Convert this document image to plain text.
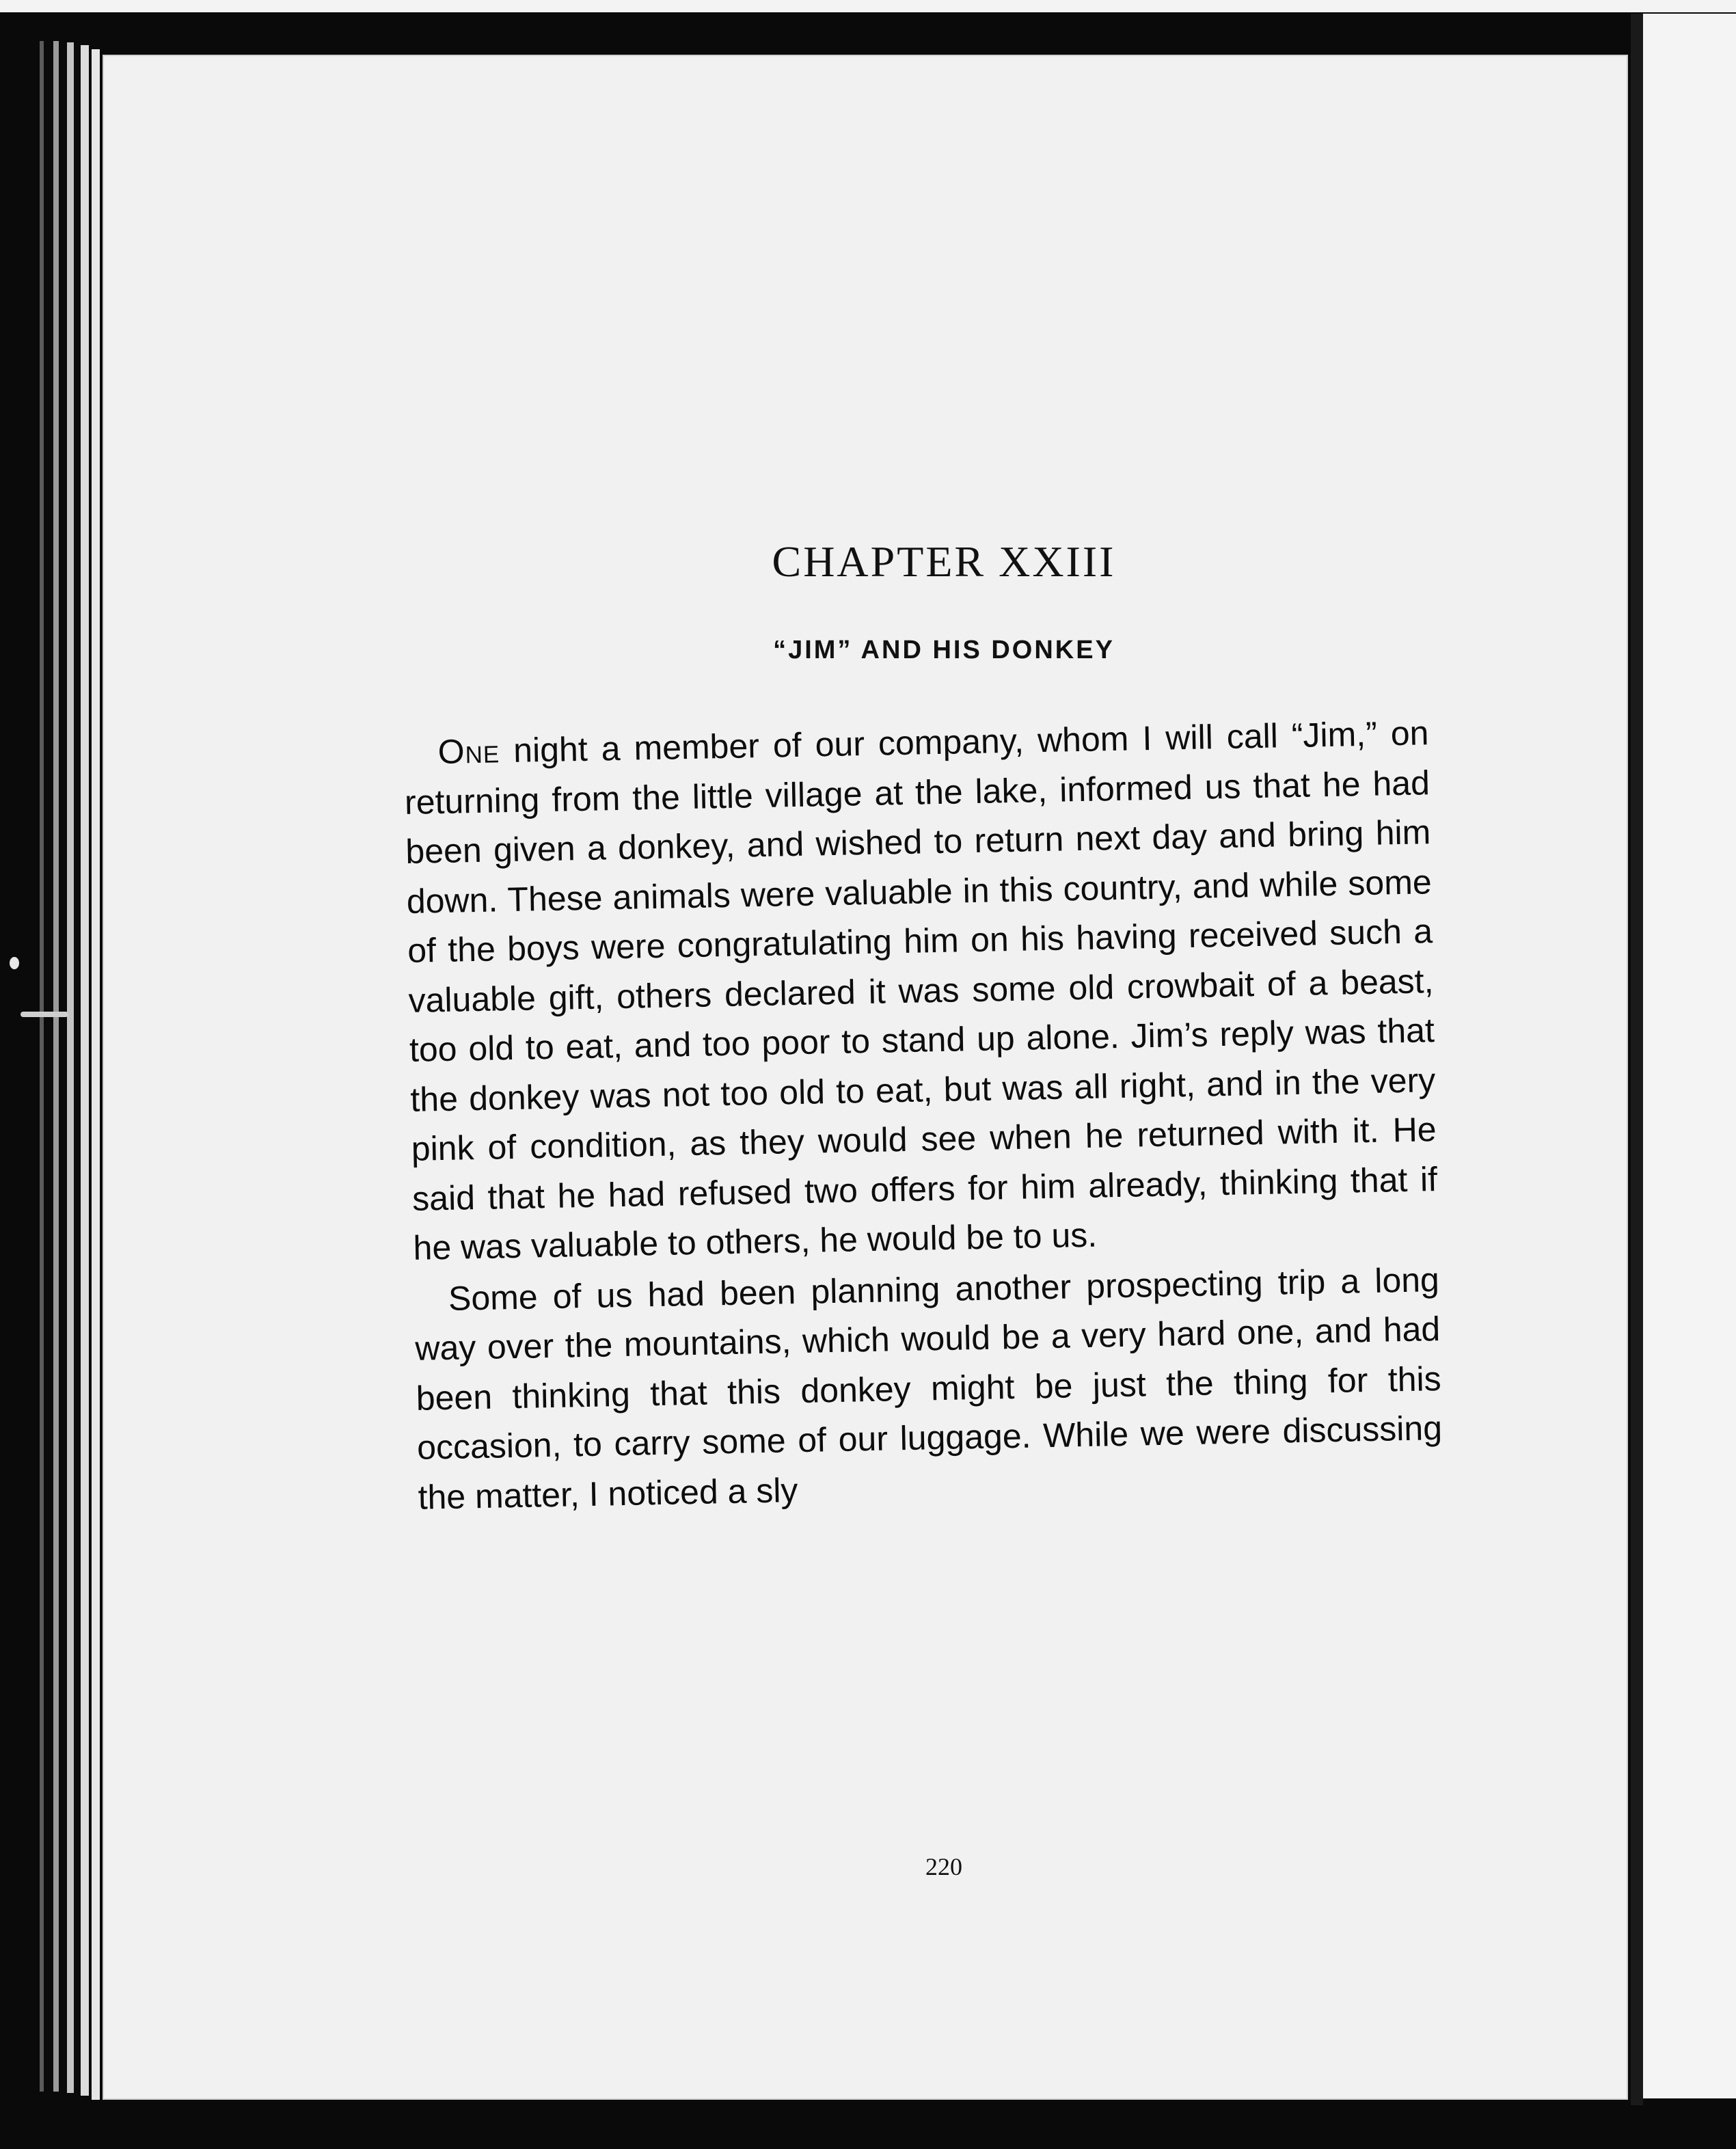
CHAPTER XXIII
“JIM” AND HIS DONKEY

One night a member of our company, whom I will call “Jim,” on returning from the little village at the lake, informed us that he had been given a donkey, and wished to return next day and bring him down. These animals were valuable in this country, and while some of the boys were congratulating him on his having received such a valuable gift, others declared it was some old crowbait of a beast, too old to eat, and too poor to stand up alone. Jim’s reply was that the donkey was not too old to eat, but was all right, and in the very pink of condition, as they would see when he returned with it. He said that he had refused two offers for him already, thinking that if he was valuable to others, he would be to us.

Some of us had been planning another prospecting trip a long way over the mountains, which would be a very hard one, and had been thinking that this donkey might be just the thing for this occasion, to carry some of our luggage. While we were discussing the matter, I noticed a sly

220
